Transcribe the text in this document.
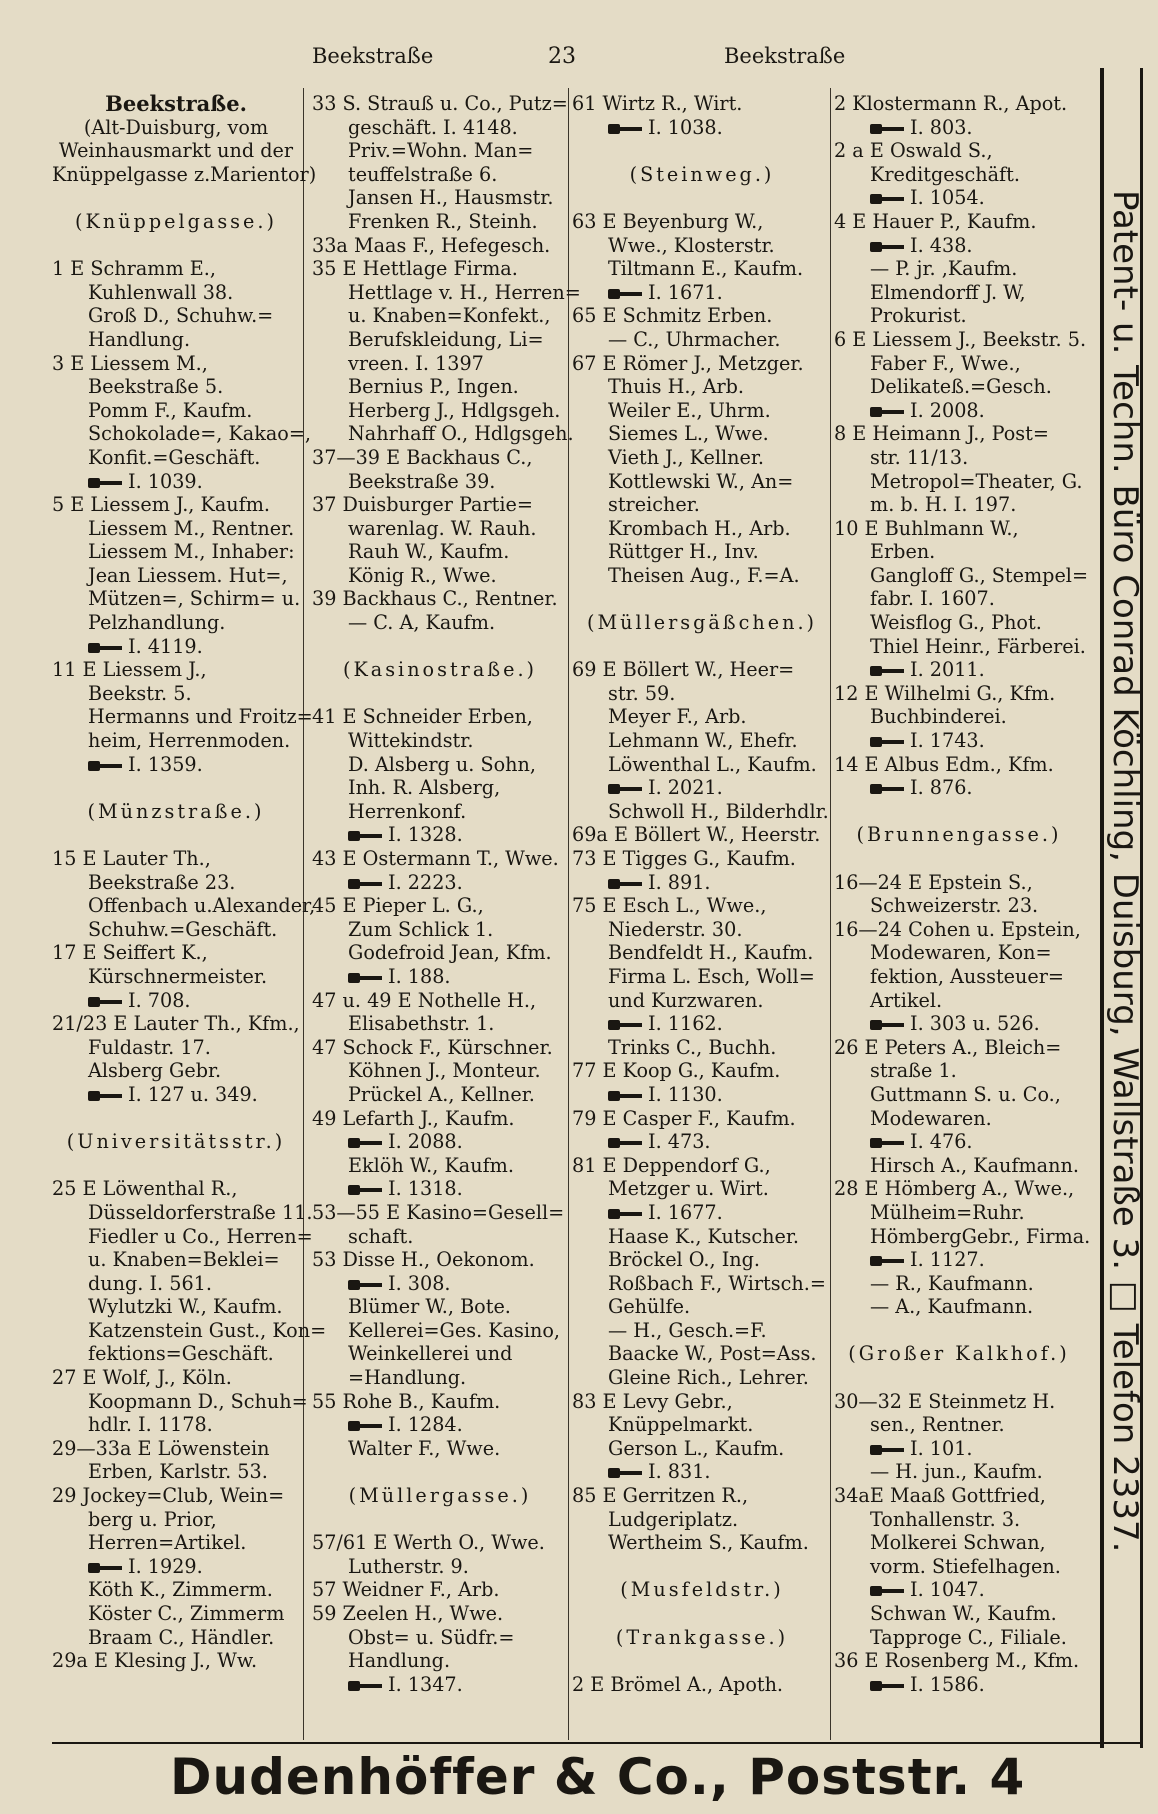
Beekstraße	23	Beekstraße
Beekstraße.
(Alt-Duisburg, vom
Weinhausmarkt und der
Knüppelgasse z.Marientor)

(Knüppelgasse.)

1 E Schramm E.,
Kuhlenwall 38.
Groß D., Schuhw.=
Handlung.
3 E Liessem M.,
Beekstraße 5.
Pomm F., Kaufm.
Schokolade=, Kakao=,
Konfit.=Geschäft.
I. 1039.
5 E Liessem J., Kaufm.
Liessem M., Rentner.
Liessem M., Inhaber:
Jean Liessem. Hut=,
Mützen=, Schirm= u.
Pelzhandlung.
I. 4119.
11 E Liessem J.,
Beekstr. 5.
Hermanns und Froitz=
heim, Herrenmoden.
I. 1359.

(Münzstraße.)

15 E Lauter Th.,
Beekstraße 23.
Offenbach u.Alexander,
Schuhw.=Geschäft.
17 E Seiffert K.,
Kürschnermeister.
I. 708.
21/23 E Lauter Th., Kfm.,
Fuldastr. 17.
Alsberg Gebr.
I. 127 u. 349.

(Universitätsstr.)

25 E Löwenthal R.,
Düsseldorferstraße 11.
Fiedler u Co., Herren=
u. Knaben=Beklei=
dung. I. 561.
Wylutzki W., Kaufm.
Katzenstein Gust., Kon=
fektions=Geschäft.
27 E Wolf, J., Köln.
Koopmann D., Schuh=
hdlr. I. 1178.
29—33a E Löwenstein
Erben, Karlstr. 53.
29 Jockey=Club, Wein=
berg u. Prior,
Herren=Artikel.
I. 1929.
Köth K., Zimmerm.
Köster C., Zimmerm
Braam C., Händler.
29a E Klesing J., Ww.
33 S. Strauß u. Co., Putz=
geschäft. I. 4148.
Priv.=Wohn. Man=
teuffelstraße 6.
Jansen H., Hausmstr.
Frenken R., Steinh.
33a Maas F., Hefegesch.
35 E Hettlage Firma.
Hettlage v. H., Herren=
u. Knaben=Konfekt.,
Berufskleidung, Li=
vreen. I. 1397
Bernius P., Ingen.
Herberg J., Hdlgsgeh.
Nahrhaff O., Hdlgsgeh.
37—39 E Backhaus C.,
Beekstraße 39.
37 Duisburger Partie=
warenlag. W. Rauh.
Rauh W., Kaufm.
König R., Wwe.
39 Backhaus C., Rentner.
— C. A, Kaufm.

(Kasinostraße.)

41 E Schneider Erben,
Wittekindstr.
D. Alsberg u. Sohn,
Inh. R. Alsberg,
Herrenkonf.
I. 1328.
43 E Ostermann T., Wwe.
I. 2223.
45 E Pieper L. G.,
Zum Schlick 1.
Godefroid Jean, Kfm.
I. 188.
47 u. 49 E Nothelle H.,
Elisabethstr. 1.
47 Schock F., Kürschner.
Köhnen J., Monteur.
Prückel A., Kellner.
49 Lefarth J., Kaufm.
I. 2088.
Eklöh W., Kaufm.
I. 1318.
53—55 E Kasino=Gesell=
schaft.
53 Disse H., Oekonom.
I. 308.
Blümer W., Bote.
Kellerei=Ges. Kasino,
Weinkellerei und
=Handlung.
55 Rohe B., Kaufm.
I. 1284.
Walter F., Wwe.

(Müllergasse.)

57/61 E Werth O., Wwe.
Lutherstr. 9.
57 Weidner F., Arb.
59 Zeelen H., Wwe.
Obst= u. Südfr.=
Handlung.
I. 1347.
61 Wirtz R., Wirt.
I. 1038.

(Steinweg.)

63 E Beyenburg W.,
Wwe., Klosterstr.
Tiltmann E., Kaufm.
I. 1671.
65 E Schmitz Erben.
— C., Uhrmacher.
67 E Römer J., Metzger.
Thuis H., Arb.
Weiler E., Uhrm.
Siemes L., Wwe.
Vieth J., Kellner.
Kottlewski W., An=
streicher.
Krombach H., Arb.
Rüttger H., Inv.
Theisen Aug., F.=A.

(Müllersgäßchen.)

69 E Böllert W., Heer=
str. 59.
Meyer F., Arb.
Lehmann W., Ehefr.
Löwenthal L., Kaufm.
I. 2021.
Schwoll H., Bilderhdlr.
69a E Böllert W., Heerstr.
73 E Tigges G., Kaufm.
I. 891.
75 E Esch L., Wwe.,
Niederstr. 30.
Bendfeldt H., Kaufm.
Firma L. Esch, Woll=
und Kurzwaren.
I. 1162.
Trinks C., Buchh.
77 E Koop G., Kaufm.
I. 1130.
79 E Casper F., Kaufm.
I. 473.
81 E Deppendorf G.,
Metzger u. Wirt.
I. 1677.
Haase K., Kutscher.
Bröckel O., Ing.
Roßbach F., Wirtsch.=
Gehülfe.
— H., Gesch.=F.
Baacke W., Post=Ass.
Gleine Rich., Lehrer.
83 E Levy Gebr.,
Knüppelmarkt.
Gerson L., Kaufm.
I. 831.
85 E Gerritzen R.,
Ludgeriplatz.
Wertheim S., Kaufm.

(Musfeldstr.)

(Trankgasse.)

2 E Brömel A., Apoth.
2 Klostermann R., Apot.
I. 803.
2 a E Oswald S.,
Kreditgeschäft.
I. 1054.
4 E Hauer P., Kaufm.
I. 438.
— P. jr. ,Kaufm.
Elmendorff J. W,
Prokurist.
6 E Liessem J., Beekstr. 5.
Faber F., Wwe.,
Delikateß.=Gesch.
I. 2008.
8 E Heimann J., Post=
str. 11/13.
Metropol=Theater, G.
m. b. H. I. 197.
10 E Buhlmann W.,
Erben.
Gangloff G., Stempel=
fabr. I. 1607.
Weisflog G., Phot.
Thiel Heinr., Färberei.
I. 2011.
12 E Wilhelmi G., Kfm.
Buchbinderei.
I. 1743.
14 E Albus Edm., Kfm.
I. 876.

(Brunnengasse.)

16—24 E Epstein S.,
Schweizerstr. 23.
16—24 Cohen u. Epstein,
Modewaren, Kon=
fektion, Aussteuer=
Artikel.
I. 303 u. 526.
26 E Peters A., Bleich=
straße 1.
Guttmann S. u. Co.,
Modewaren.
I. 476.
Hirsch A., Kaufmann.
28 E Hömberg A., Wwe.,
Mülheim=Ruhr.
HömbergGebr., Firma.
I. 1127.
— R., Kaufmann.
— A., Kaufmann.

(Großer Kalkhof.)

30—32 E Steinmetz H.
sen., Rentner.
I. 101.
— H. jun., Kaufm.
34aE Maaß Gottfried,
Tonhallenstr. 3.
Molkerei Schwan,
vorm. Stiefelhagen.
I. 1047.
Schwan W., Kaufm.
Tapproge C., Filiale.
36 E Rosenberg M., Kfm.
I. 1586.
Patent- u. Techn. Büro Conrad Köchling, Duisburg, Wallstraße 3. □ Telefon 2337.
Dudenhöffer & Co., Poststr. 4
